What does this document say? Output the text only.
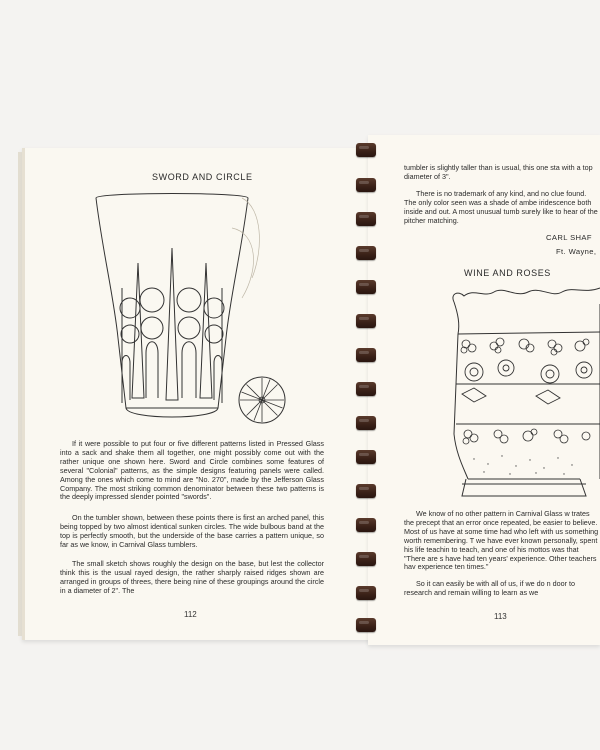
SWORD AND CIRCLE

If it were possible to put four or five different patterns listed in Pressed Glass into a sack and shake them all together, one might possibly come out with the rather unique one shown here. Sword and Circle combines some features of several "Colonial" patterns, as the simple designs featuring panels were called. Among the ones which come to mind are "No. 270", made by the Jefferson Glass Company. The most striking common denominator between these two patterns is the deeply impressed slender pointed "swords".

On the tumbler shown, between these points there is first an arched panel, this being topped by two almost identical sunken circles. The wide bulbous band at the top is perfectly smooth, but the underside of the base carries a pattern unique, so far as we know, in Carnival Glass tumblers.

The small sketch shows roughly the design on the base, but lest the collector think this is the usual rayed design, the rather sharply raised ridges shown are arranged in groups of threes, there being nine of these groupings around the circle in a diameter of 2". The

112

tumbler is slightly taller than is usual, this one sta with a top diameter of 3".

There is no trademark of any kind, and no clue found. The only color seen was a shade of ambe iridescence both inside and out. A most unusual tumb surely like to hear of the pitcher matching.

CARL SHAF
Ft. Wayne,
WINE AND ROSES

We know of no other pattern in Carnival Glass w trates the precept that an error once repeated, be easier to believe. Most of us have at some time had who left with us something worth remembering. T we have ever known personally, spent his life teachin to teach, and one of his mottos was that "There are s have had ten years' experience. Other teachers hav experience ten times."

So it can easily be with all of us, if we do n door to research and remain willing to learn as we

113
